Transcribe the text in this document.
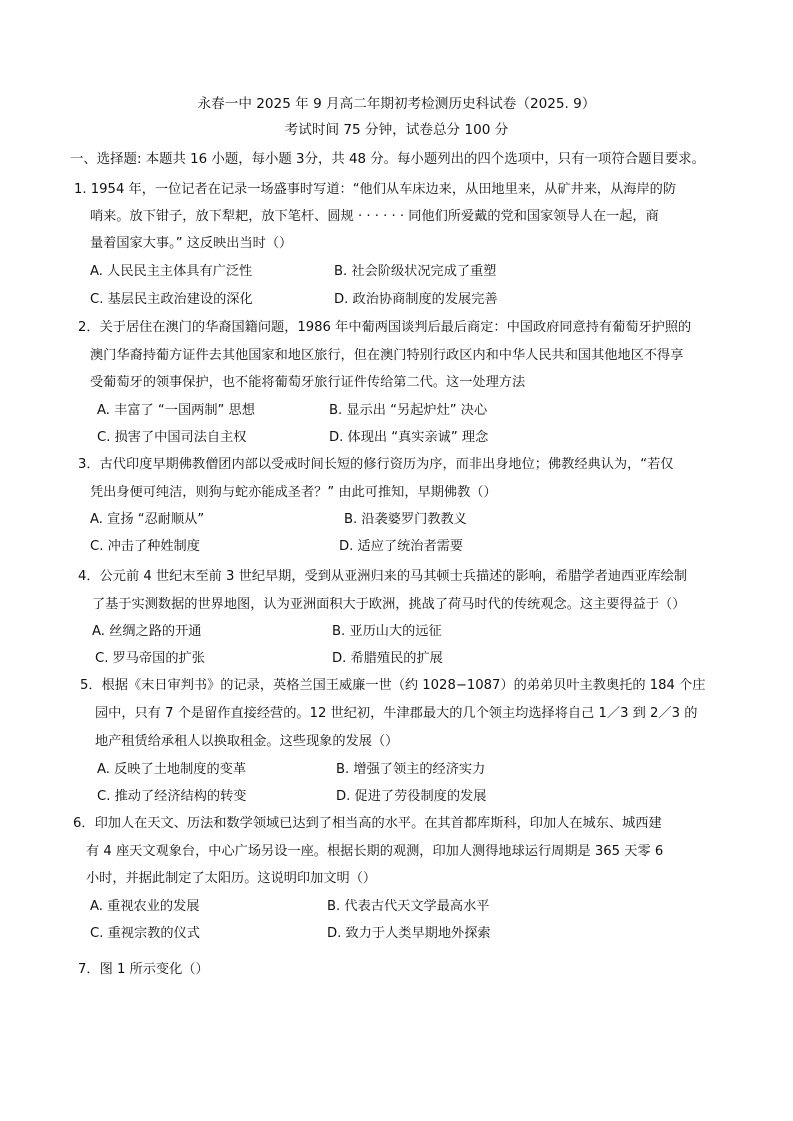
永春一中 2025 年 9 月高二年期初考检测历史科试卷（2025. 9）
考试时间 75 分钟，试卷总分 100 分
一、选择题: 本题共 16 小题，每小题 3分，共 48 分。每小题列出的四个选项中，只有一项符合题目要求。
1. 1954 年，一位记者在记录一场盛事时写道：“他们从车床边来，从田地里来，从矿井来，从海岸的防
哨来。放下钳子，放下犁耙，放下笔杆、圆规 · · · · · · 同他们所爱戴的党和国家领导人在一起，商
量着国家大事。” 这反映出当时（）
A. 人民民主主体具有广泛性	B. 社会阶级状况完成了重塑
C. 基层民主政治建设的深化	D. 政治协商制度的发展完善
2．关于居住在澳门的华裔国籍问题，1986 年中葡两国谈判后最后商定：中国政府同意持有葡萄牙护照的
澳门华裔持葡方证件去其他国家和地区旅行，但在澳门特别行政区内和中华人民共和国其他地区不得享
受葡萄牙的领事保护，也不能将葡萄牙旅行证件传给第二代。这一处理方法
A. 丰富了 “一国两制” 思想	B. 显示出 “另起炉灶” 决心
C. 损害了中国司法自主权	D. 体现出 “真实亲诚” 理念
3．古代印度早期佛教僧团内部以受戒时间长短的修行资历为序，而非出身地位；佛教经典认为，“若仅
凭出身便可纯洁，则狗与蛇亦能成圣者？” 由此可推知，早期佛教（）
A. 宣扬 “忍耐顺从”	B. 沿袭婆罗门教教义
C. 冲击了种姓制度	D. 适应了统治者需要
4．公元前 4 世纪末至前 3 世纪早期，受到从亚洲归来的马其顿士兵描述的影响，希腊学者迪西亚库绘制
了基于实测数据的世界地图，认为亚洲面积大于欧洲，挑战了荷马时代的传统观念。这主要得益于（）
A. 丝绸之路的开通	B. 亚历山大的远征
C. 罗马帝国的扩张	D. 希腊殖民的扩展
5．根据《末日审判书》的记录，英格兰国王威廉一世（约 1028−1087）的弟弟贝叶主教奥托的 184 个庄
园中，只有 7 个是留作直接经营的。12 世纪初，牛津郡最大的几个领主均选择将自己 1／3 到 2／3 的
地产租赁给承租人以换取租金。这些现象的发展（）
A. 反映了土地制度的变革	B. 增强了领主的经济实力
C. 推动了经济结构的转变	D. 促进了劳役制度的发展
6．印加人在天文、历法和数学领域已达到了相当高的水平。在其首都库斯科，印加人在城东、城西建
有 4 座天文观象台，中心广场另设一座。根据长期的观测，印加人测得地球运行周期是 365 天零 6
小时，并据此制定了太阳历。这说明印加文明（）
A. 重视农业的发展	B. 代表古代天文学最高水平
C. 重视宗教的仪式	D. 致力于人类早期地外探索
7．图 1 所示变化（）
